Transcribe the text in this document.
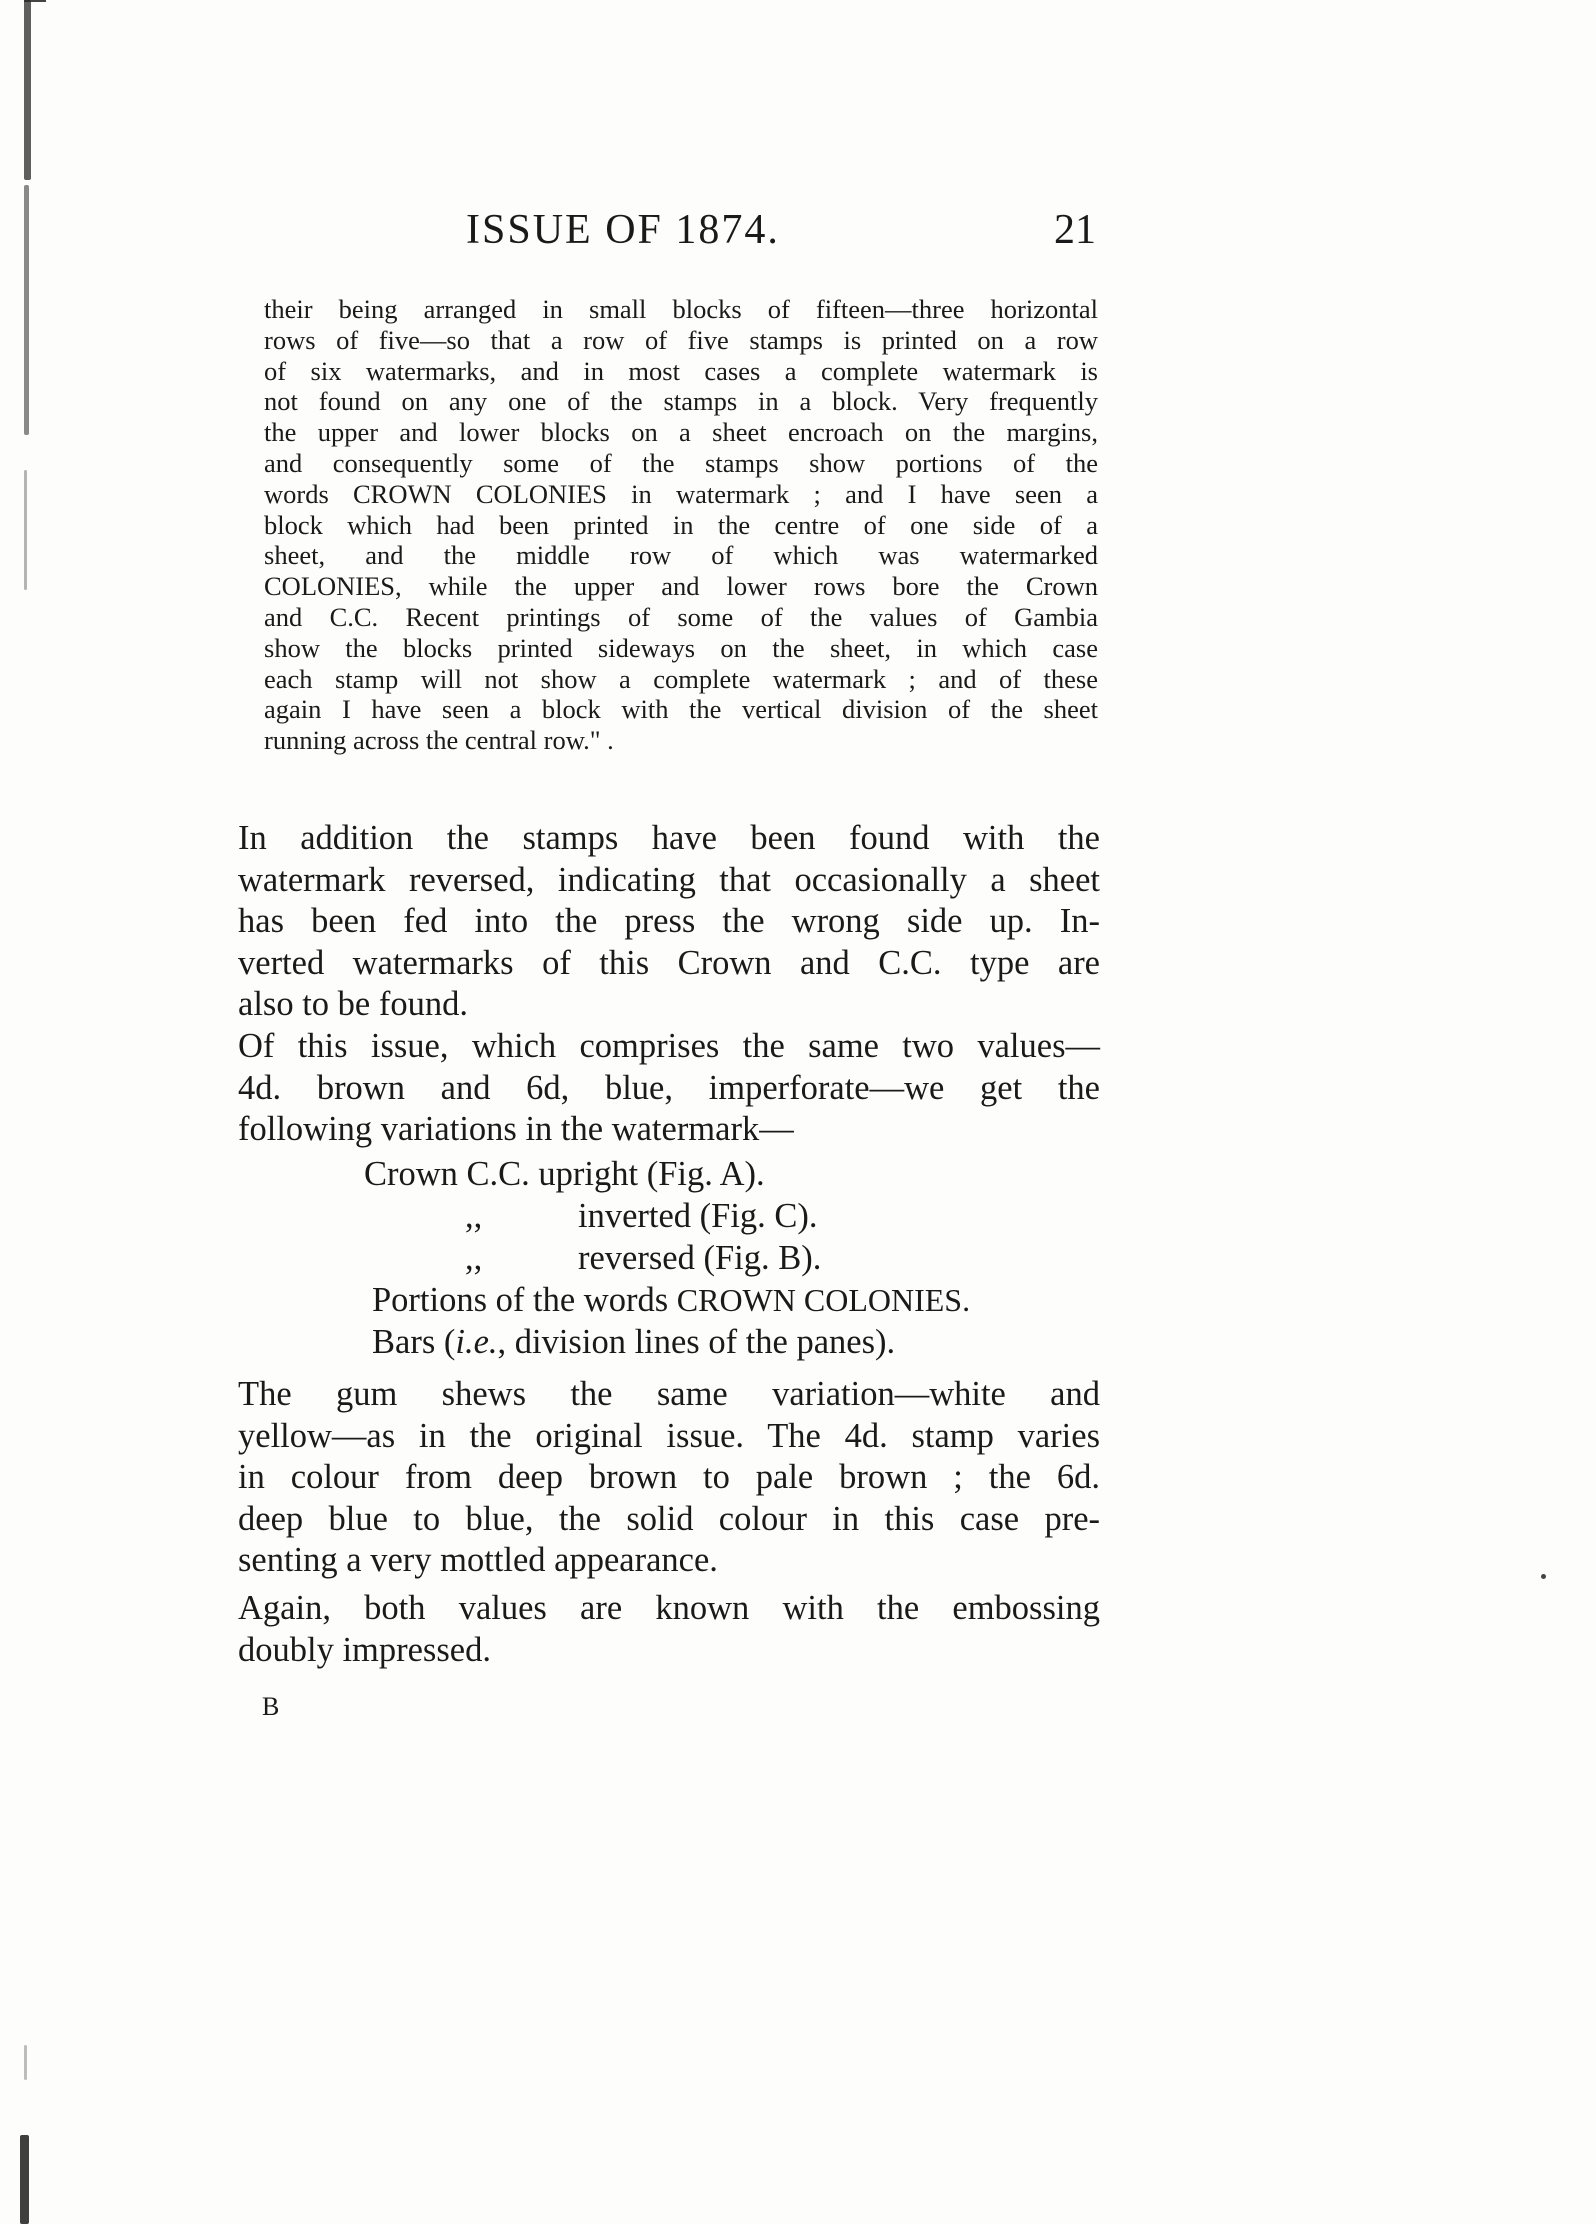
ISSUE OF 1874.	21
their being arranged in small blocks of fifteen—three horizontal
rows of five—so that a row of five stamps is printed on a row
of six watermarks, and in most cases a complete watermark is
not found on any one of the stamps in a block. Very frequently
the upper and lower blocks on a sheet encroach on the margins,
and consequently some of the stamps show portions of the
words CROWN COLONIES in watermark ; and I have seen a
block which had been printed in the centre of one side of a
sheet, and the middle row of which was watermarked
COLONIES, while the upper and lower rows bore the Crown
and C.C. Recent printings of some of the values of Gambia
show the blocks printed sideways on the sheet, in which case
each stamp will not show a complete watermark ; and of these
again I have seen a block with the vertical division of the sheet
running across the central row." .
In addition the stamps have been found with the
watermark reversed, indicating that occasionally a sheet
has been fed into the press the wrong side up. In-
verted watermarks of this Crown and C.C. type are
also to be found.
Of this issue, which comprises the same two values—
4d. brown and 6d, blue, imperforate—we get the
following variations in the watermark—
Crown C.C. upright (Fig. A).
,,	inverted (Fig. C).
,,	reversed (Fig. B).
Portions of the words CROWN COLONIES.
Bars (i.e., division lines of the panes).
The gum shews the same variation—white and
yellow—as in the original issue. The 4d. stamp varies
in colour from deep brown to pale brown ; the 6d.
deep blue to blue, the solid colour in this case pre-
senting a very mottled appearance.
Again, both values are known with the embossing
doubly impressed.
B
